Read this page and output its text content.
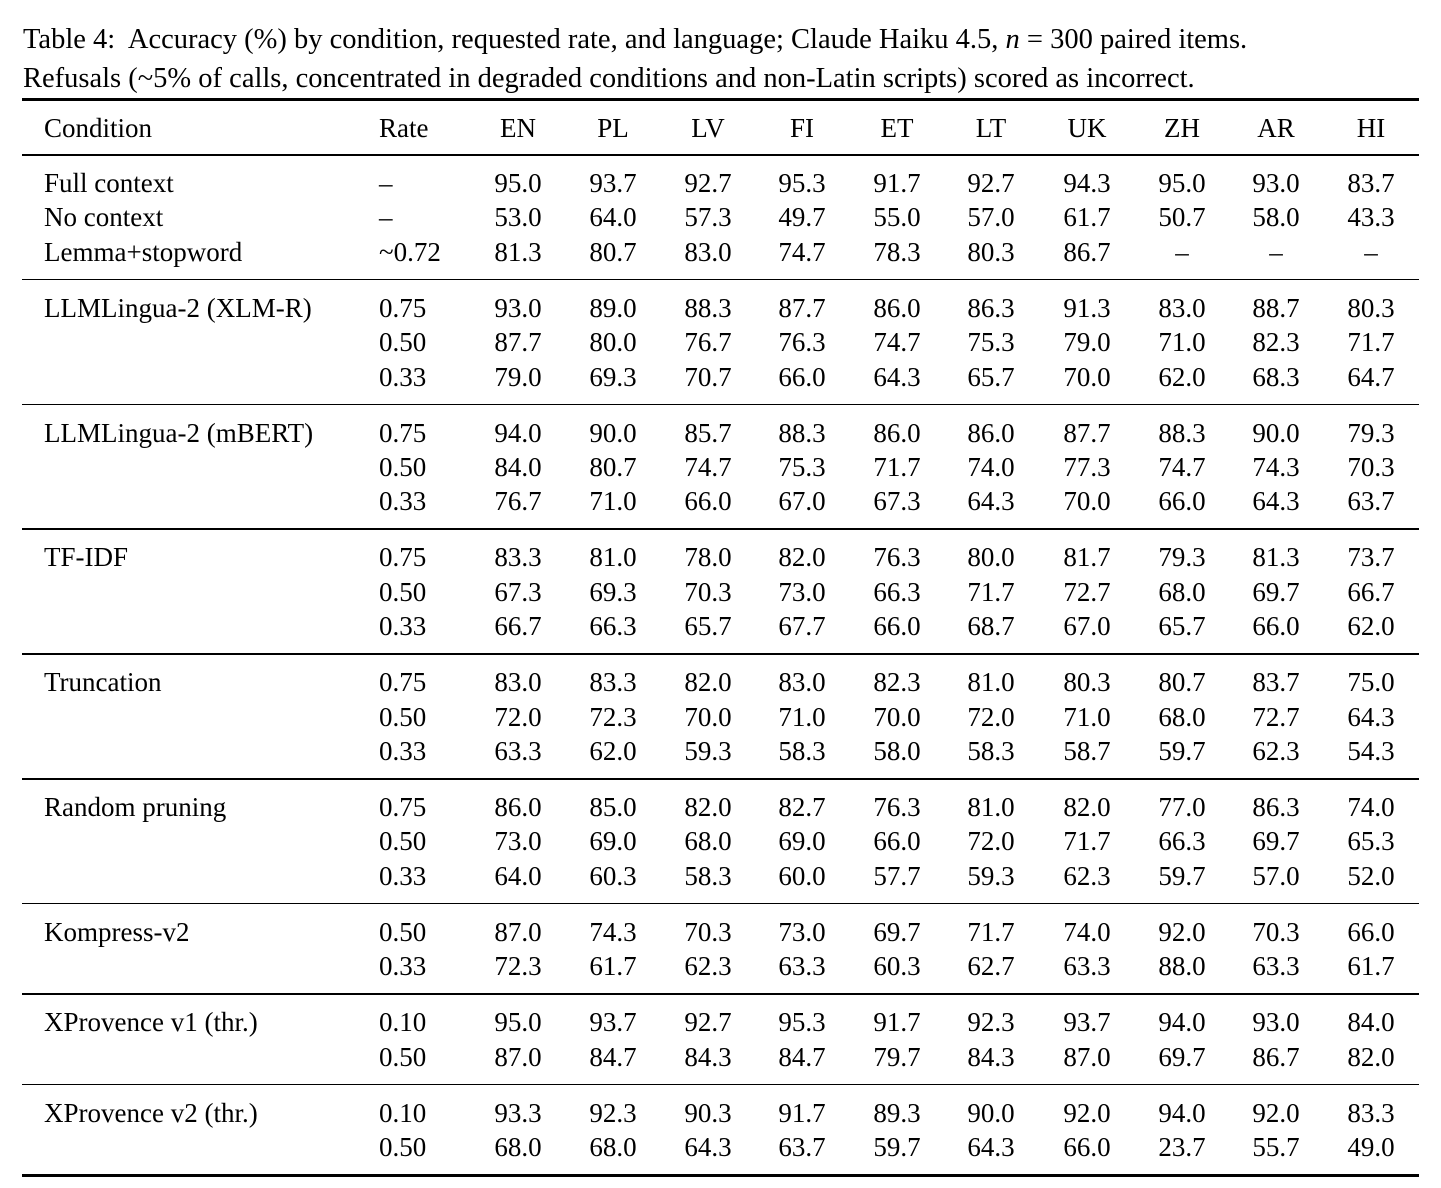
Table 4: Accuracy (%) by condition, requested rate, and language; Claude Haiku 4.5, n = 300 paired items.
Refusals (~5% of calls, concentrated in degraded conditions and non-Latin scripts) scored as incorrect.
Condition	Rate	EN PL LV FI ET LT UK ZH AR HI
Full context	–	95.0 93.7 92.7 95.3 91.7 92.7 94.3 95.0 93.0 83.7
No context	–	53.0 64.0 57.3 49.7 55.0 57.0 61.7 50.7 58.0 43.3
Lemma+stopword	~0.72 81.3 80.7 83.0 74.7 78.3 80.3 86.7 –	–	–
LLMLingua-2 (XLM-R) 0.75	93.0 89.0 88.3 87.7 86.0 86.3 91.3 83.0 88.7 80.3
0.50	87.7 80.0 76.7 76.3 74.7 75.3 79.0 71.0 82.3 71.7
0.33	79.0 69.3 70.7 66.0 64.3 65.7 70.0 62.0 68.3 64.7
LLMLingua-2 (mBERT) 0.75	94.0 90.0 85.7 88.3 86.0 86.0 87.7 88.3 90.0 79.3
0.50	84.0 80.7 74.7 75.3 71.7 74.0 77.3 74.7 74.3 70.3
0.33	76.7 71.0 66.0 67.0 67.3 64.3 70.0 66.0 64.3 63.7
TF-IDF	0.75	83.3 81.0 78.0 82.0 76.3 80.0 81.7 79.3 81.3 73.7
0.50	67.3 69.3 70.3 73.0 66.3 71.7 72.7 68.0 69.7 66.7
0.33	66.7 66.3 65.7 67.7 66.0 68.7 67.0 65.7 66.0 62.0
Truncation	0.75	83.0 83.3 82.0 83.0 82.3 81.0 80.3 80.7 83.7 75.0
0.50	72.0 72.3 70.0 71.0 70.0 72.0 71.0 68.0 72.7 64.3
0.33	63.3 62.0 59.3 58.3 58.0 58.3 58.7 59.7 62.3 54.3
Random pruning	0.75	86.0 85.0 82.0 82.7 76.3 81.0 82.0 77.0 86.3 74.0
0.50	73.0 69.0 68.0 69.0 66.0 72.0 71.7 66.3 69.7 65.3
0.33	64.0 60.3 58.3 60.0 57.7 59.3 62.3 59.7 57.0 52.0
Kompress-v2	0.50	87.0 74.3 70.3 73.0 69.7 71.7 74.0 92.0 70.3 66.0
0.33	72.3 61.7 62.3 63.3 60.3 62.7 63.3 88.0 63.3 61.7
XProvence v1 (thr.)	0.10	95.0 93.7 92.7 95.3 91.7 92.3 93.7 94.0 93.0 84.0
0.50	87.0 84.7 84.3 84.7 79.7 84.3 87.0 69.7 86.7 82.0
XProvence v2 (thr.)	0.10	93.3 92.3 90.3 91.7 89.3 90.0 92.0 94.0 92.0 83.3
0.50	68.0 68.0 64.3 63.7 59.7 64.3 66.0 23.7 55.7 49.0
